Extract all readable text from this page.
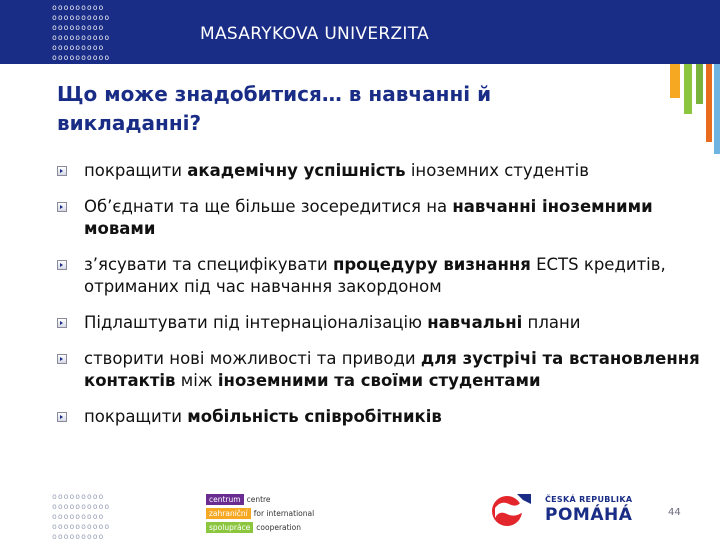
ooooooooo
oooooooooo
ooooooooo
oooooooooo
ooooooooo
oooooooooo
MASARYKOVA UNIVERZITA
Що може знадобитися… в навчанні й
викладанні?
покращити академічну успішність іноземних студентів
Об’єднати та ще більше зосередитися на навчанні іноземними мовами
з’ясувати та специфікувати процедуру визнання ECTS кредитів, отриманих під час навчання закордоном
Підлаштувати під інтернаціоналізацію навчальні плани
створити нові можливості та приводи для зустрічі та встановлення контактів між іноземними та своїми студентами
покращити мобільність співробітників
ooooooooo
oooooooooo
ooooooooo
oooooooooo
ooooooooo
centrum centre
zahraniční for international
spolupráce cooperation
ČESKÁ REPUBLIKA
POMÁHÁ	44
